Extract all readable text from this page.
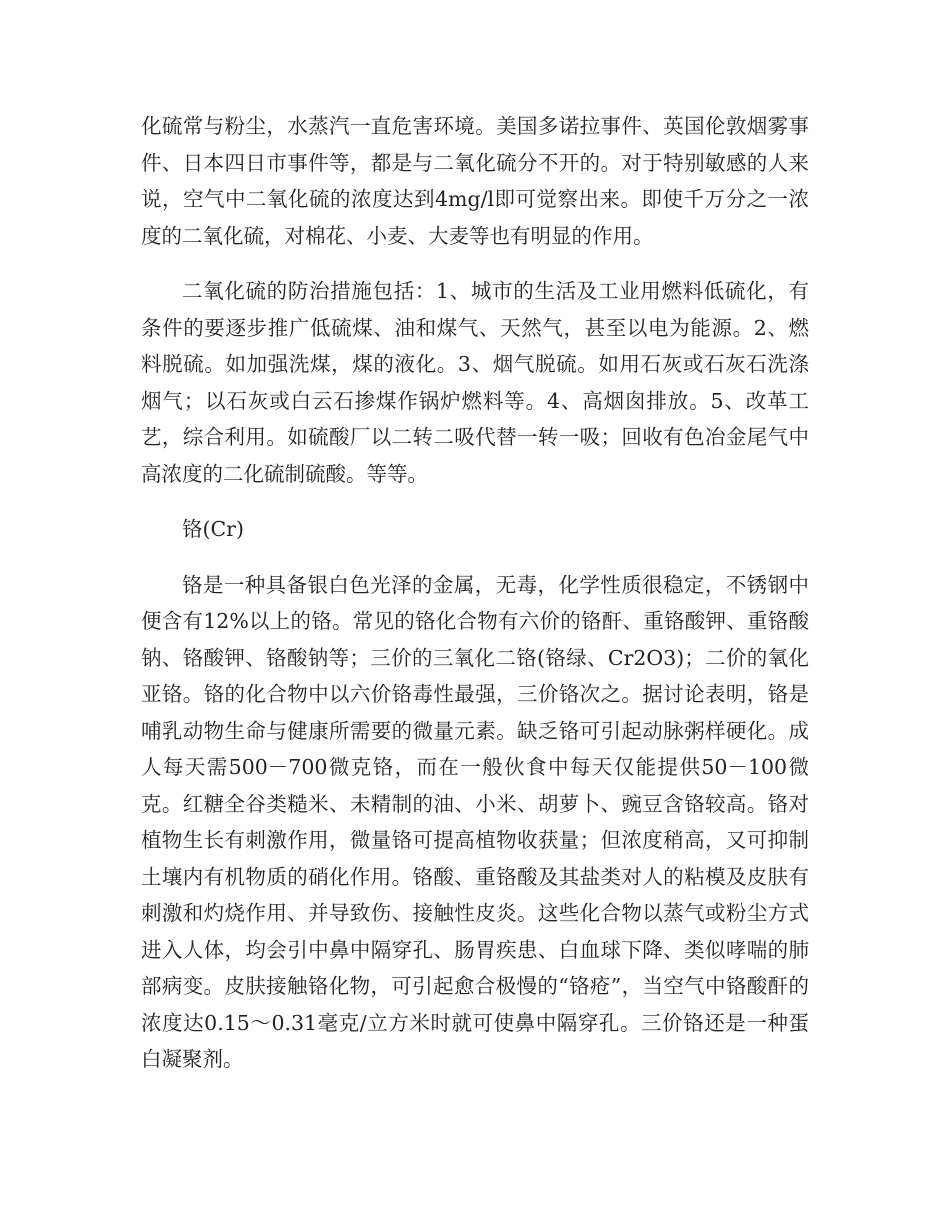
化硫常与粉尘，水蒸汽一直危害环境。美国多诺拉事件、英国伦敦烟雾事件、日本四日市事件等，都是与二氧化硫分不开的。对于特别敏感的人来说，空气中二氧化硫的浓度达到4mg/l即可觉察出来。即使千万分之一浓度的二氧化硫，对棉花、小麦、大麦等也有明显的作用。

二氧化硫的防治措施包括：1、城市的生活及工业用燃料低硫化，有条件的要逐步推广低硫煤、油和煤气、天然气，甚至以电为能源。2、燃料脱硫。如加强洗煤，煤的液化。3、烟气脱硫。如用石灰或石灰石洗涤烟气；以石灰或白云石掺煤作锅炉燃料等。4、高烟囱排放。5、改革工艺，综合利用。如硫酸厂以二转二吸代替一转一吸；回收有色冶金尾气中高浓度的二化硫制硫酸。等等。

铬(Cr)

铬是一种具备银白色光泽的金属，无毒，化学性质很稳定，不锈钢中便含有12%以上的铬。常见的铬化合物有六价的铬酐、重铬酸钾、重铬酸钠、铬酸钾、铬酸钠等；三价的三氧化二铬(铬绿、Cr2O3)；二价的氧化亚铬。铬的化合物中以六价铬毒性最强，三价铬次之。据讨论表明，铬是哺乳动物生命与健康所需要的微量元素。缺乏铬可引起动脉粥样硬化。成人每天需500－700微克铬，而在一般伙食中每天仅能提供50－100微克。红糖全谷类糙米、未精制的油、小米、胡萝卜、豌豆含铬较高。铬对植物生长有刺激作用，微量铬可提高植物收获量；但浓度稍高，又可抑制土壤内有机物质的硝化作用。铬酸、重铬酸及其盐类对人的粘模及皮肤有刺激和灼烧作用、并导致伤、接触性皮炎。这些化合物以蒸气或粉尘方式进入人体，均会引中鼻中隔穿孔、肠胃疾患、白血球下降、类似哮喘的肺部病变。皮肤接触铬化物，可引起愈合极慢的“铬疮”，当空气中铬酸酐的浓度达0.15～0.31毫克/立方米时就可使鼻中隔穿孔。三价铬还是一种蛋白凝聚剂。
